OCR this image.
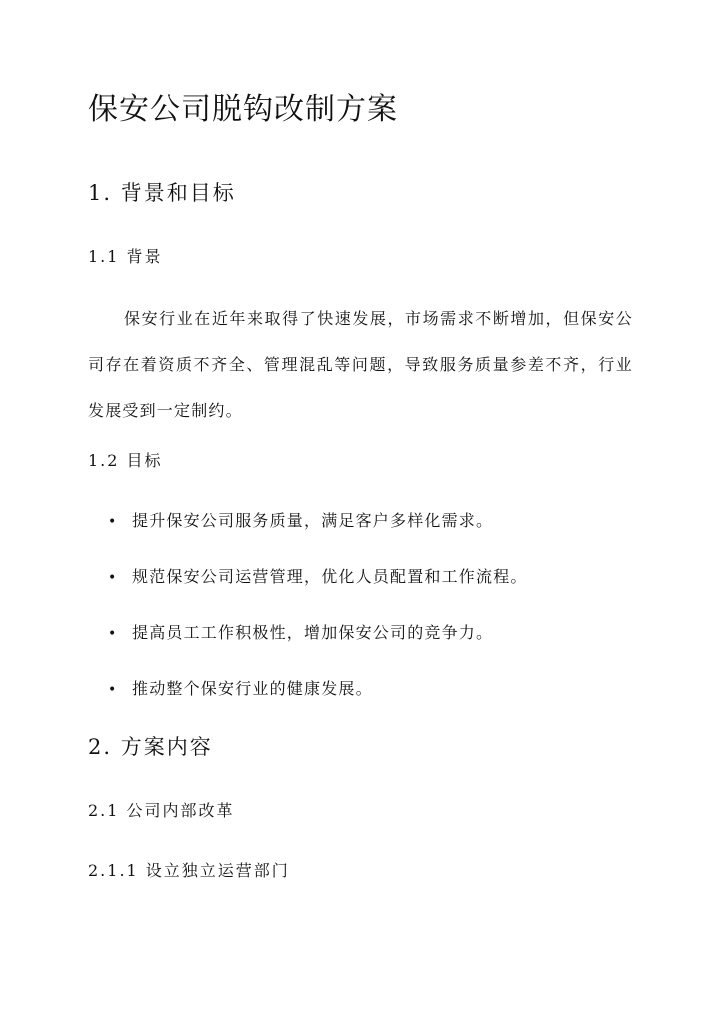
保安公司脱钩改制方案
1. 背景和目标
1.1 背景
保安行业在近年来取得了快速发展，市场需求不断增加，但保安公司存在着资质不齐全、管理混乱等问题，导致服务质量参差不齐，行业发展受到一定制约。
1.2 目标
• 提升保安公司服务质量，满足客户多样化需求。
• 规范保安公司运营管理，优化人员配置和工作流程。
• 提高员工工作积极性，增加保安公司的竞争力。
• 推动整个保安行业的健康发展。
2. 方案内容
2.1 公司内部改革
2.1.1 设立独立运营部门
